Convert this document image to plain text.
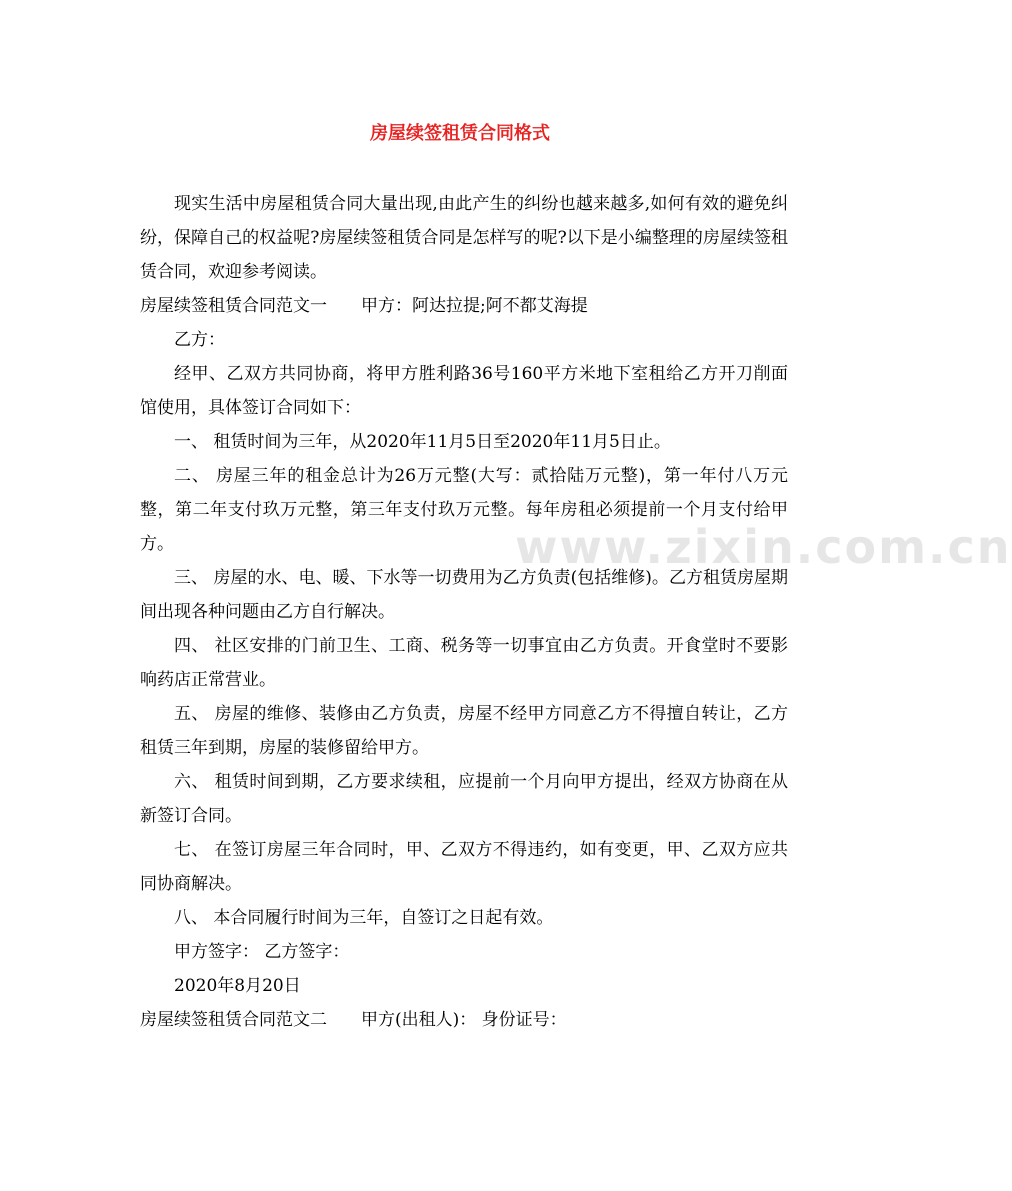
房屋续签租赁合同格式
www.zixin.com.cn

现实生活中房屋租赁合同大量出现,由此产生的纠纷也越来越多,如何有效的避免纠纷，保障自己的权益呢?房屋续签租赁合同是怎样写的呢?以下是小编整理的房屋续签租赁合同，欢迎参考阅读。

房屋续签租赁合同范文一 甲方：阿达拉提;阿不都艾海提

乙方：

经甲、乙双方共同协商，将甲方胜利路36号160平方米地下室租给乙方开刀削面馆使用，具体签订合同如下：

一、 租赁时间为三年，从2020年11月5日至2020年11月5日止。

二、 房屋三年的租金总计为26万元整(大写：贰拾陆万元整)，第一年付八万元整，第二年支付玖万元整，第三年支付玖万元整。每年房租必须提前一个月支付给甲方。

三、 房屋的水、电、暖、下水等一切费用为乙方负责(包括维修)。乙方租赁房屋期间出现各种问题由乙方自行解决。

四、 社区安排的门前卫生、工商、税务等一切事宜由乙方负责。开食堂时不要影响药店正常营业。

五、 房屋的维修、装修由乙方负责，房屋不经甲方同意乙方不得擅自转让，乙方租赁三年到期，房屋的装修留给甲方。

六、 租赁时间到期，乙方要求续租，应提前一个月向甲方提出，经双方协商在从新签订合同。

七、 在签订房屋三年合同时，甲、乙双方不得违约，如有变更，甲、乙双方应共同协商解决。

八、 本合同履行时间为三年，自签订之日起有效。

甲方签字： 乙方签字：

2020年8月20日

房屋续签租赁合同范文二 甲方(出租人)： 身份证号：
